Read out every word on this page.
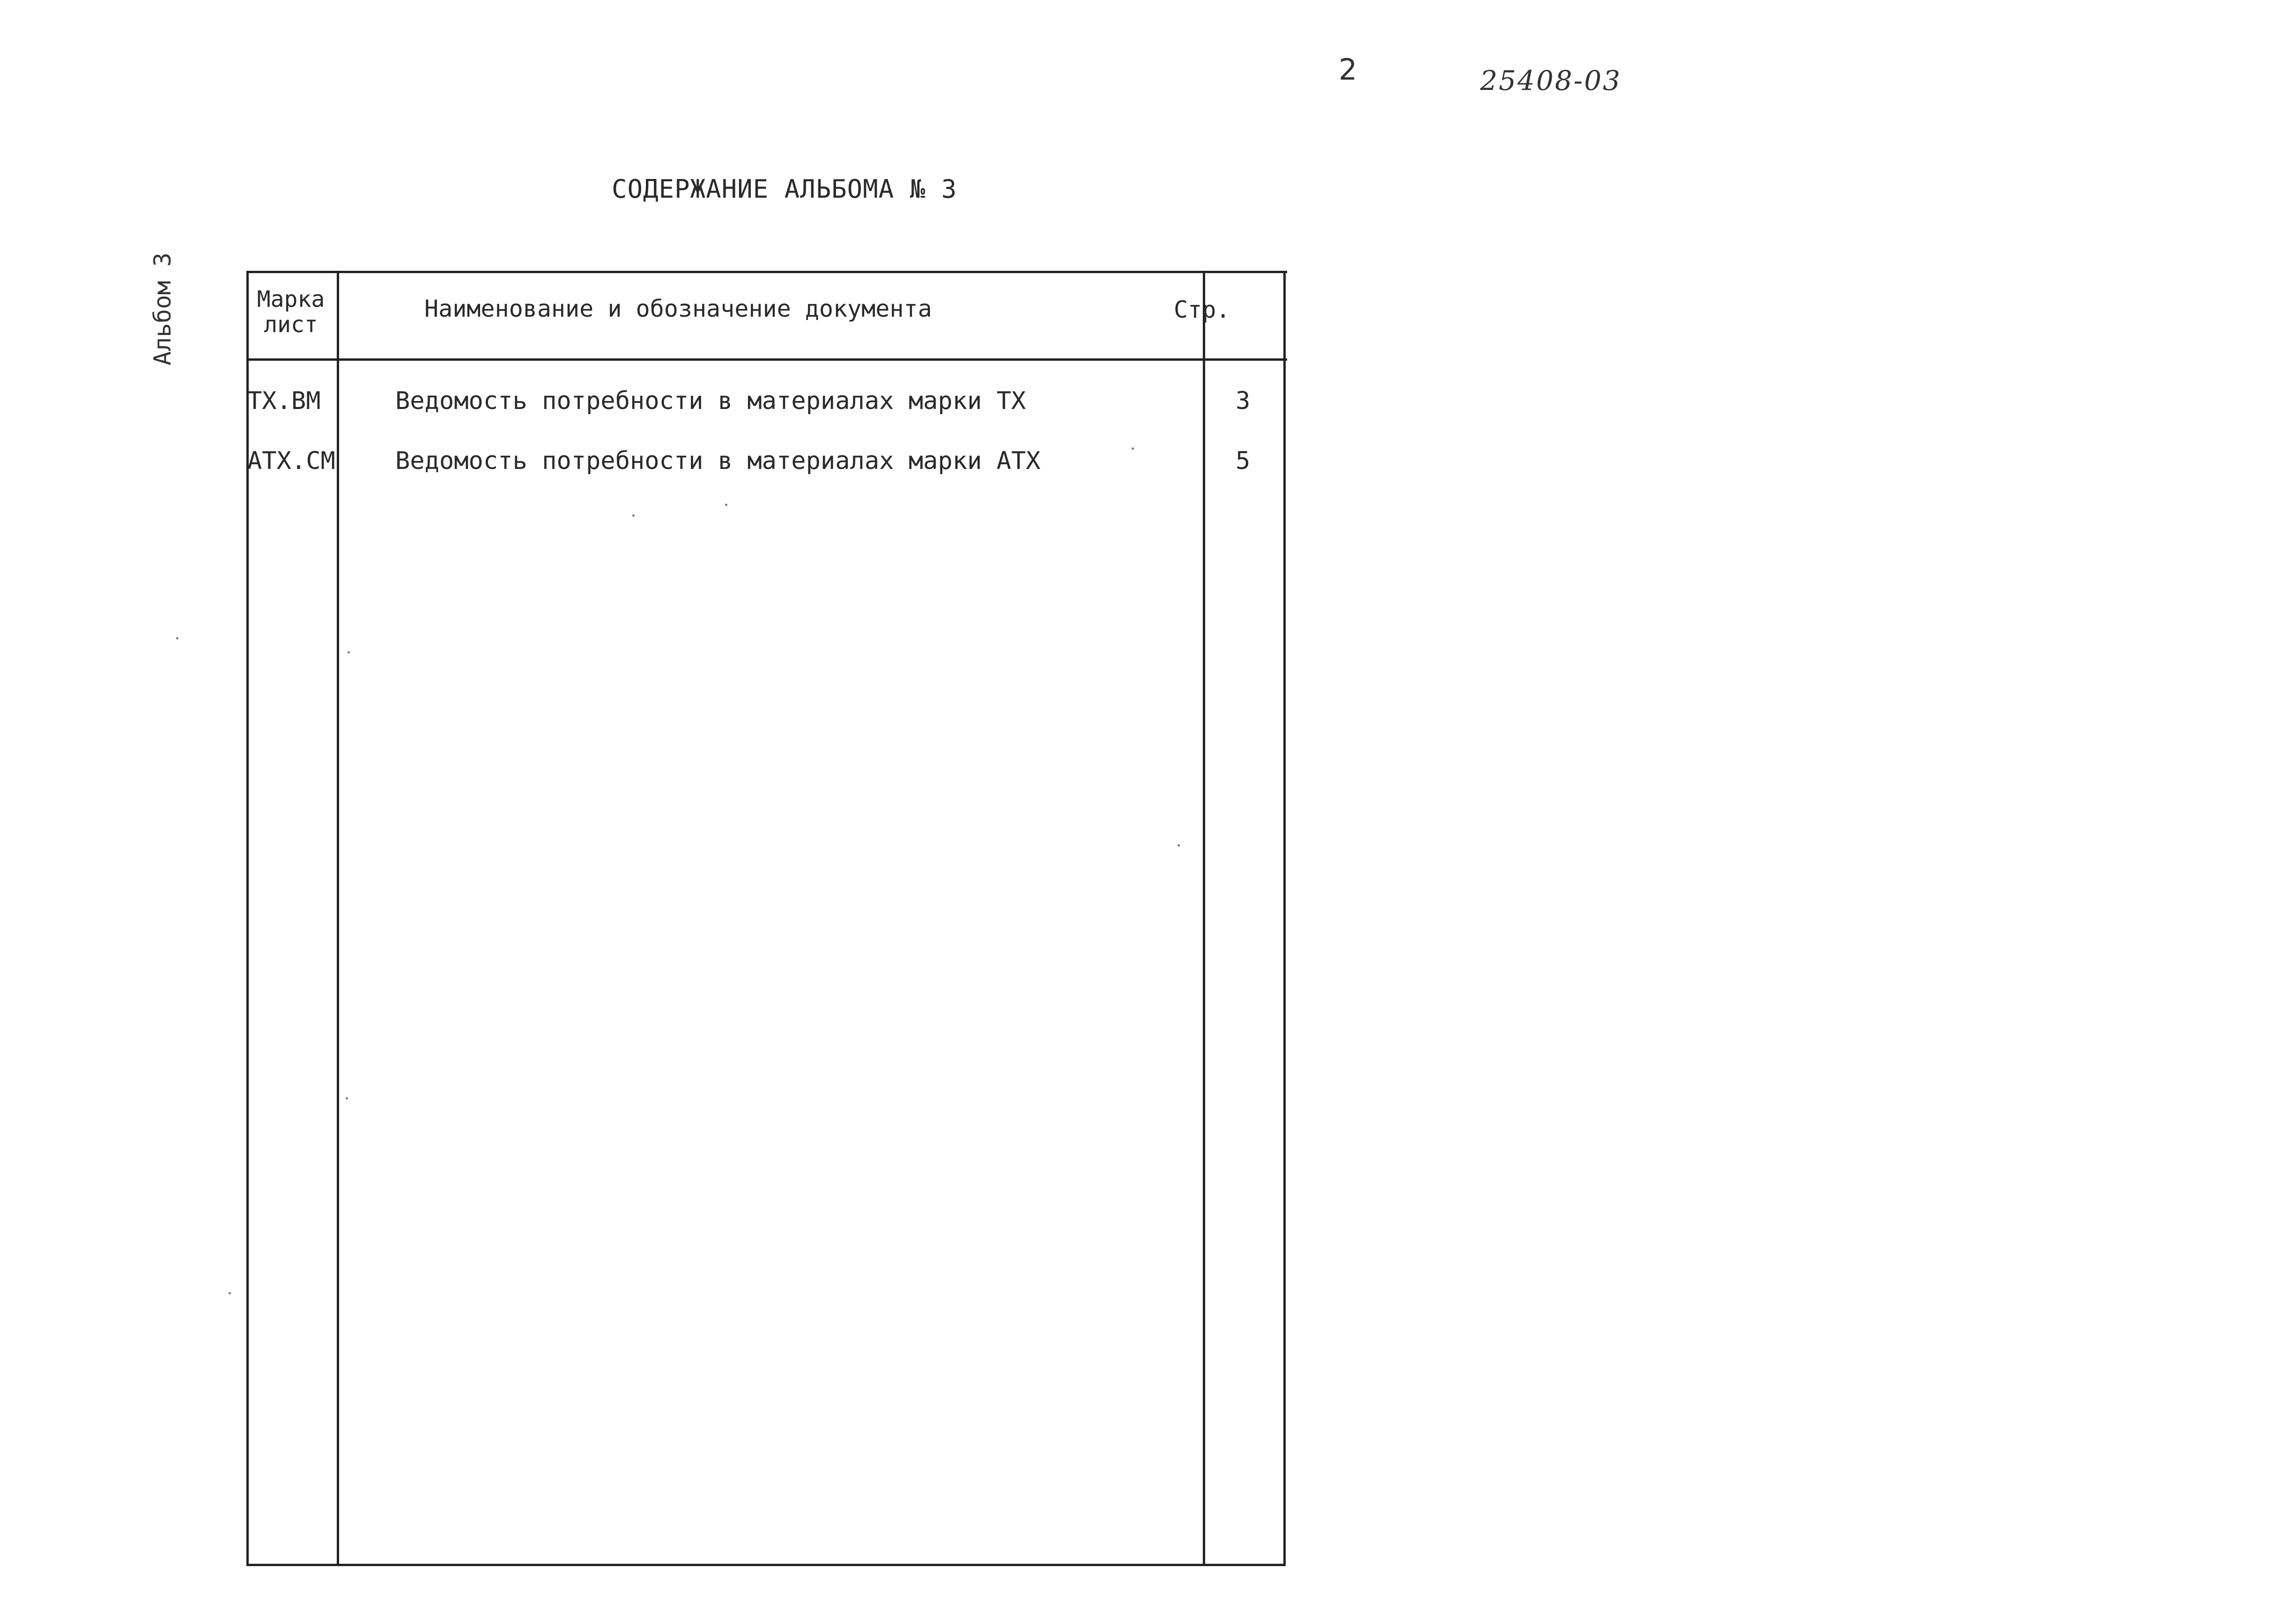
2	25408-03
СОДЕРЖАНИЕ АЛЬБОМА № 3
Альбом 3	Марка
лист
Наименование и обозначение документа	Стр.
ТХ.ВМ	Ведомость потребности в материалах марки ТХ	3
АТХ.СМ Ведомость потребности в материалах марки АТХ	5
